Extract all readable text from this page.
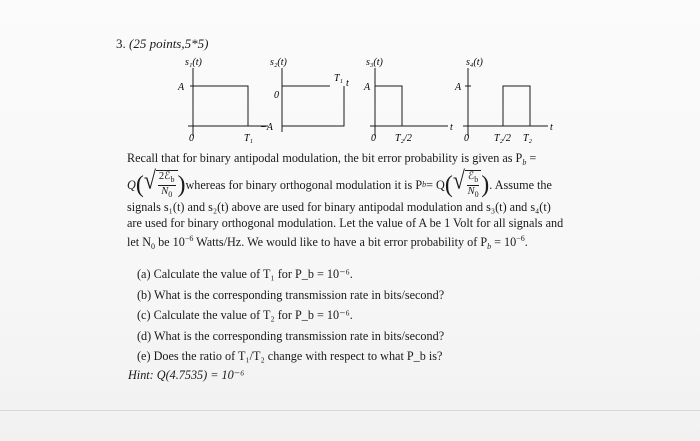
3. (25 points,5*5)
s₁(t)
A
0	T₁
s₂(t)
0
−A
T₁ t
s₃(t)
A
0 T₂/2
t
s₄(t)
A
0	T₂/2 T₂
t
Recall that for binary antipodal modulation, the bit error probability is given as $P_b$ =
Q ( √ $\frac{2ℰ_b}{N_0}$ ) whereas for binary orthogonal modulation it is P b = Q ( √ $\frac{ℰ_b}{N_0}$ ) . Assume the
signals s₁(t) and s₂(t) above are used for binary antipodal modulation and s₃(t) and s₄(t)
are used for binary orthogonal modulation. Let the value of A be 1 Volt for all signals and
let $N_0$ be $10^{-6}$ Watts/Hz. We would like to have a bit error probability of $P_b = 10^{-6}$.
(a) Calculate the value of T₁ for P_b = 10⁻⁶.
(b) What is the corresponding transmission rate in bits/second?
(c) Calculate the value of T₂ for P_b = 10⁻⁶.
(d) What is the corresponding transmission rate in bits/second?
(e) Does the ratio of T₁/T₂ change with respect to what P_b is?
Hint: Q(4.7535) = 10⁻⁶
